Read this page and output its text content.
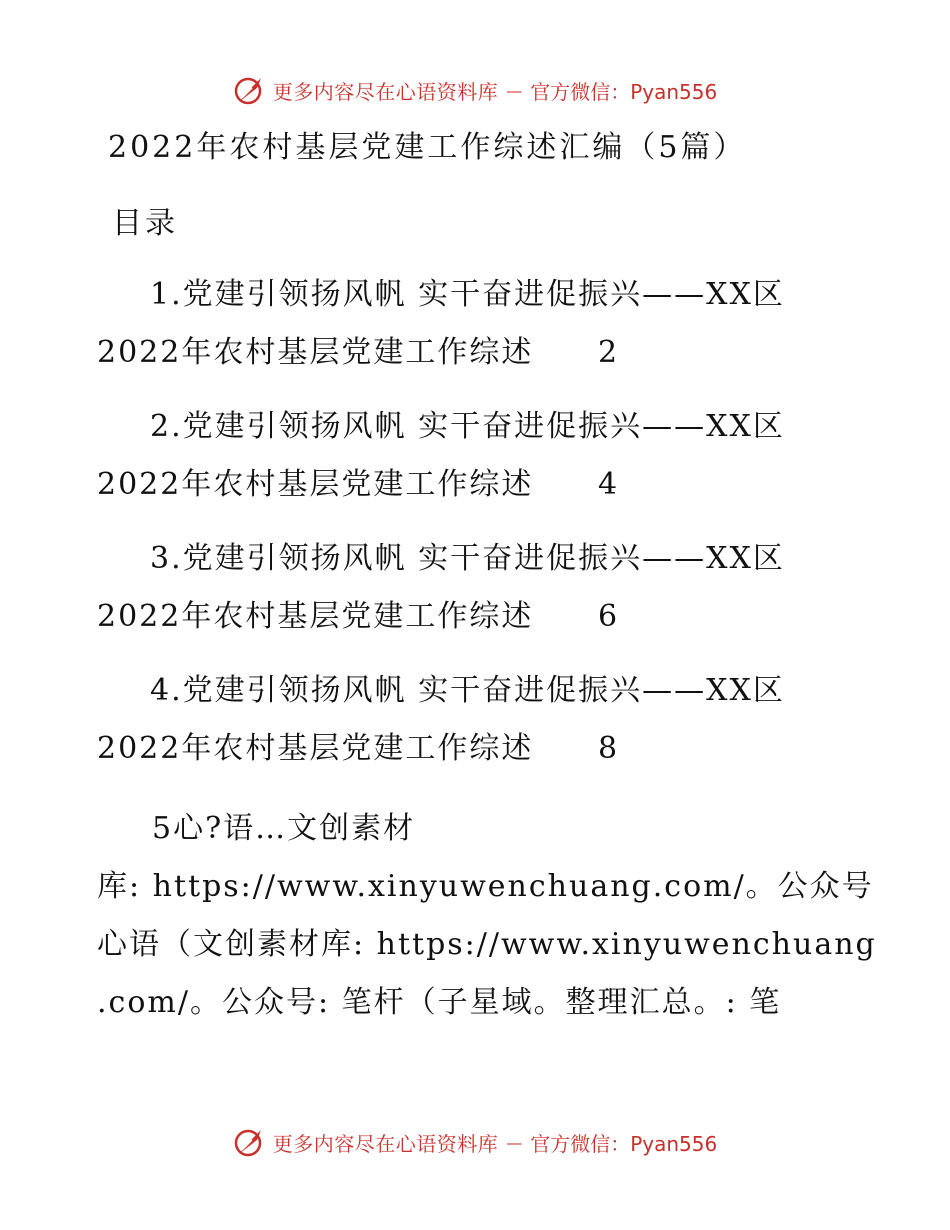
更多内容尽在心语资料库 — 官方微信：Pyan556
2022年农村基层党建工作综述汇编（5篇）
目录
1.党建引领扬风帆 实干奋进促振兴——XX区
2022年农村基层党建工作综述 2
2.党建引领扬风帆 实干奋进促振兴——XX区
2022年农村基层党建工作综述 4
3.党建引领扬风帆 实干奋进促振兴——XX区
2022年农村基层党建工作综述 6
4.党建引领扬风帆 实干奋进促振兴——XX区
2022年农村基层党建工作综述 8

5心?语…文创素材
库: https://www.xinyuwenchuang.com/。公众号
心语（文创素材库: https://www.xinyuwenchuang
.com/。公众号: 笔杆（子星域。整理汇总。: 笔

更多内容尽在心语资料库 — 官方微信：Pyan556
